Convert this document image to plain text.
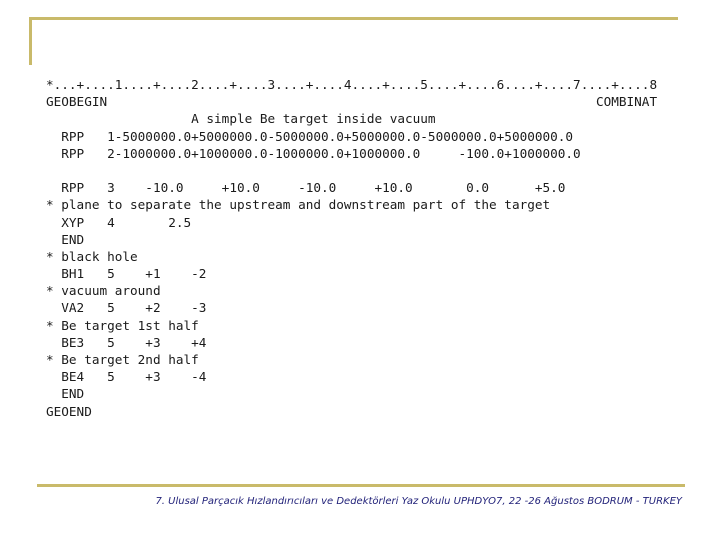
*...+....1....+....2....+....3....+....4....+....5....+....6....+....7....+....8
GEOBEGIN                                                                COMBINAT
A simple Be target inside vacuum
RPP   1-5000000.0+5000000.0-5000000.0+5000000.0-5000000.0+5000000.0
RPP   2-1000000.0+1000000.0-1000000.0+1000000.0     -100.0+1000000.0
RPP   3    -10.0     +10.0     -10.0     +10.0       0.0      +5.0
* plane to separate the upstream and downstream part of the target
XYP   4       2.5
END
* black hole
BH1   5    +1    -2
* vacuum around
VA2   5    +2    -3
* Be target 1st half
BE3   5    +3    +4
* Be target 2nd half
BE4   5    +3    -4
END
GEOEND
7. Ulusal Parçacık Hızlandırıcıları ve Dedektörleri Yaz Okulu UPHDYO7, 22 -26 Ağustos BODRUM - TURKEY
